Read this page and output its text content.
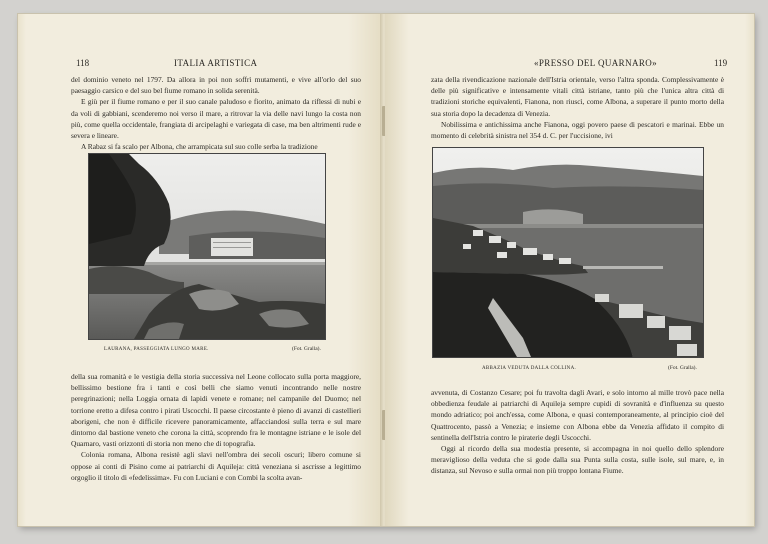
118	ITALIA ARTISTICA

del dominio veneto nel 1797. Da allora in poi non soffrì mutamenti, e vive all'orlo del suo paesaggio carsico e del suo bel fiume romano in solida serenità.

E giù per il fiume romano e per il suo canale paludoso e fiorito, animato da riflessi di nubi e da voli di gabbiani, scenderemo noi verso il mare, a ritrovar la via delle navi lungo la costa non più, come quella occidentale, frangiata di arcipelaghi e variegata di case, ma ben altrimenti rude e severa e lineare.

A Rabaz si fa scalo per Albona, che arrampicata sul suo colle serba la tradizione

LAURANA, PASSEGGIATA LUNGO MARE.	(Fot. Gralla).

della sua romanità e le vestigia della storia successiva nel Leone collocato sulla porta maggiore, bellissimo bestione fra i tanti e così belli che siamo venuti incontrando nelle nostre peregrinazioni; nella Loggia ornata di lapidi venete e romane; nel campanile del Duomo; nel torrione eretto a difesa contro i pirati Uscocchi. Il paese circostante è pieno di avanzi di castellieri aborigeni, che non è difficile ricevere panoramicamente, affacciandosi sulla terra e sul mare dintorno dal bastione veneto che corona la città, scoprendo fra le montagne istriane e le isole del Quarnaro, vasti orizzonti di storia non meno che di topografia.

Colonia romana, Albona resistè agli slavi nell'ombra dei secoli oscuri; libero comune si oppose ai conti di Pisino come ai patriarchi di Aquileja: città veneziana si ascrisse a legittimo orgoglio il titolo di «fedelissima». Fu con Luciani e con Combi la scolta avan-

«PRESSO DEL QUARNARO»	119

zata della rivendicazione nazionale dell'Istria orientale, verso l'altra sponda. Complessivamente è delle più significative e intensamente vitali città istriane, tanto più che l'unica altra città di tradizioni storiche equivalenti, Fianona, non riuscì, come Albona, a superare il punto morto della sua storia dopo la decadenza di Venezia.

Nobilissima e antichissima anche Fianona, oggi povero paese di pescatori e marinai. Ebbe un momento di celebrità sinistra nel 354 d. C. per l'uccisione, ivi

ABBAZIA VEDUTA DALLA COLLINA.	(Fot. Gralla).

avvenuta, di Costanzo Cesare; poi fu travolta dagli Avari, e solo intorno al mille trovò pace nella obbedienza feudale ai patriarchi di Aquileja sempre cupidi di sovranità e d'influenza su questo mondo adriatico; poi anch'essa, come Albona, e quasi contemporaneamente, al principio cioè del Quattrocento, passò a Venezia; e insieme con Albona ebbe da Venezia affidato il compito di sentinella dell'Istria contro le piraterie degli Uscocchi.

Oggi al ricordo della sua modestia presente, si accompagna in noi quello dello splendore meraviglioso della veduta che si gode dalla sua Punta sulla costa, sulle isole, sul mare, e, in distanza, sul Nevoso e sulla ormai non più troppo lontana Fiume.
